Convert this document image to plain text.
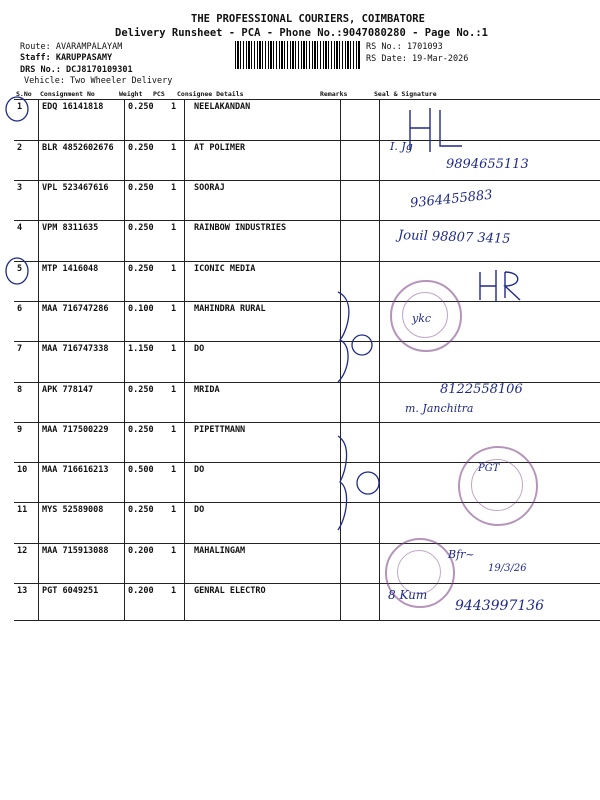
THE PROFESSIONAL COURIERS, COIMBATORE
Delivery Runsheet - PCA - Phone No.:9047080280 - Page No.:1
Route: AVARAMPALAYAM
Staff: KARUPPASAMY
DRS No.: DCJ8170109301
Vehicle: Two Wheeler Delivery
RS No.: 1701093
RS Date: 19-Mar-2026
S.No Consignment No	Weight PCS Consignee Details	Remarks	Seal & Signature
1 EDQ 16141818	0.250 1 NEELAKANDAN
2 BLR 4852602676 0.250 1 AT POLIMER
3 VPL 523467616 0.250 1 SOORAJ
4 VPM 8311635	0.250 1 RAINBOW INDUSTRIES
5 MTP 1416048	0.250 1 ICONIC MEDIA
6 MAA 716747286 0.100 1 MAHINDRA RURAL
7 MAA 716747338 1.150 1 DO
8 APK 778147	0.250 1 MRIDA
9 MAA 717500229 0.250 1 PIPETTMANN
10 MAA 716616213 0.500 1 DO
11 MYS 52589008	0.250 1 DO
12 MAA 715913088 0.200 1 MAHALINGAM
13 PGT 6049251	0.200 1 GENRAL ELECTRO
I. Jg
9894655113
9364455883
Jouil 98807 3415
ykc
8122558106
m. Janchitra
PGT
Bfr~
19/3/26
8 Kum
9443997136
